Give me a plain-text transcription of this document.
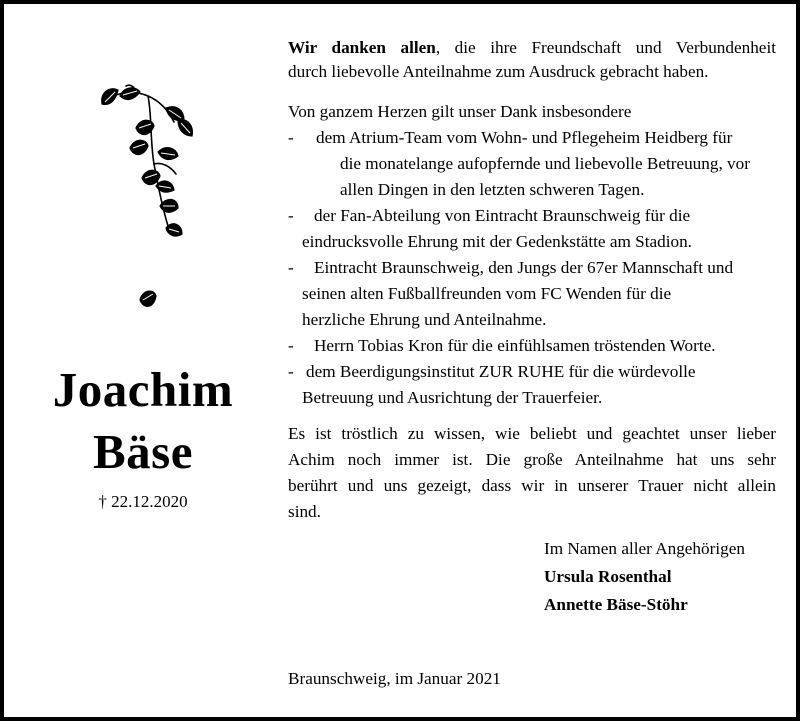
Joachim
Bäse
† 22.12.2020

Wir danken allen, die ihre Freundschaft und Verbundenheit

durch liebevolle Anteilnahme zum Ausdruck gebracht haben.

Von ganzem Herzen gilt unser Dank insbesondere

-	dem Atrium-Team vom Wohn- und Pflegeheim Heidberg für
die monatelange aufopfernde und liebevolle Betreuung, vor
allen Dingen in den letzten schweren Tagen.
-	der Fan-Abteilung von Eintracht Braunschweig für die
eindrucksvolle Ehrung mit der Gedenkstätte am Stadion.
-	Eintracht Braunschweig, den Jungs der 67er Mannschaft und
seinen alten Fußballfreunden vom FC Wenden für die
herzliche Ehrung und Anteilnahme.
-	Herrn Tobias Kron für die einfühlsamen tröstenden Worte.
- dem Beerdigungsinstitut ZUR RUHE für die würdevolle
Betreuung und Ausrichtung der Trauerfeier.

Es ist tröstlich zu wissen, wie beliebt und geachtet unser lieber

Achim noch immer ist. Die große Anteilnahme hat uns sehr

berührt und uns gezeigt, dass wir in unserer Trauer nicht allein

sind.

Im Namen aller Angehörigen
Ursula Rosenthal
Annette Bäse-Stöhr
Braunschweig, im Januar 2021
